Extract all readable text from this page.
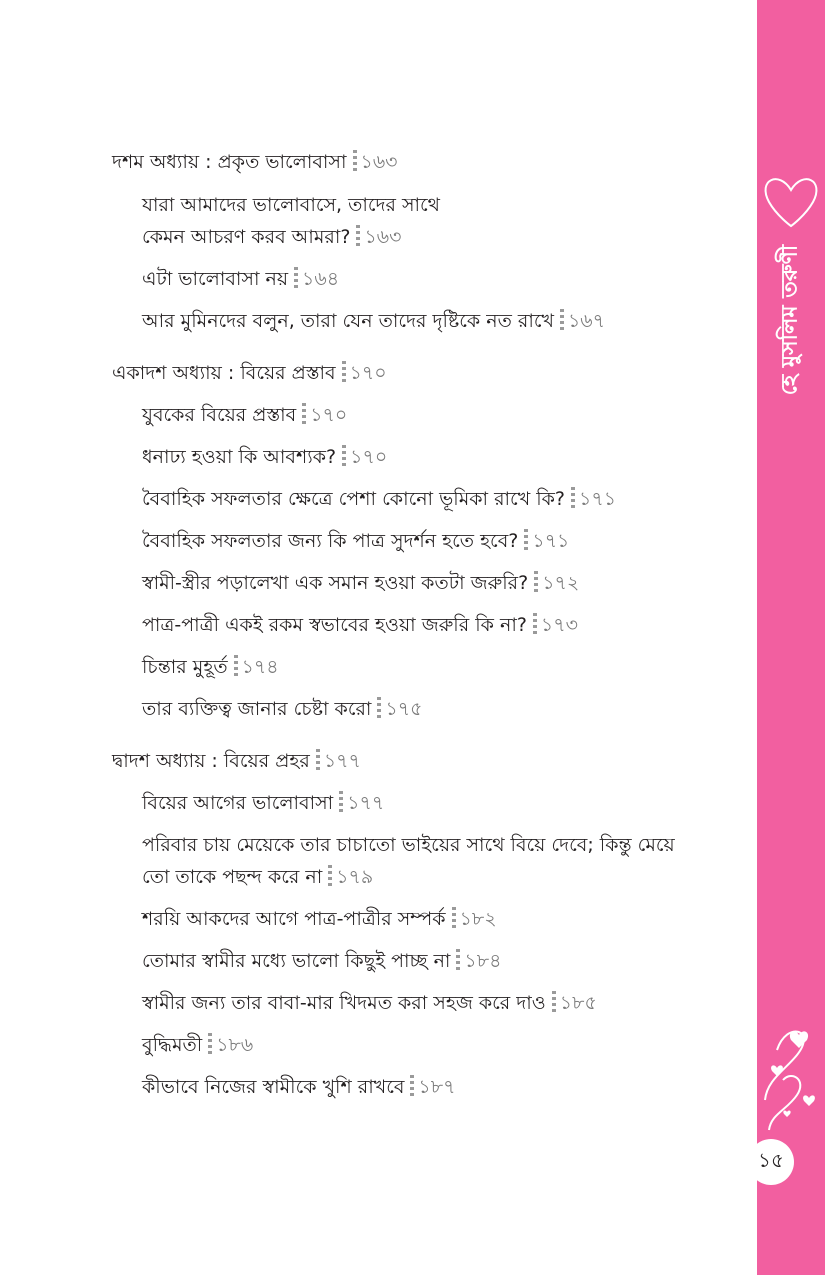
দশম অধ্যায় : প্রকৃত ভালোবাসা ১৬৩
যারা আমাদের ভালোবাসে, তাদের সাথে
কেমন আচরণ করব আমরা? ১৬৩
এটা ভালোবাসা নয় ১৬৪
আর মুমিনদের বলুন, তারা যেন তাদের দৃষ্টিকে নত রাখে ১৬৭
একাদশ অধ্যায় : বিয়ের প্রস্তাব ১৭০
যুবকের বিয়ের প্রস্তাব ১৭০
ধনাঢ্য হওয়া কি আবশ্যক? ১৭০
বৈবাহিক সফলতার ক্ষেত্রে পেশা কোনো ভূমিকা রাখে কি? ১৭১
বৈবাহিক সফলতার জন্য কি পাত্র সুদর্শন হতে হবে? ১৭১
স্বামী-স্ত্রীর পড়ালেখা এক সমান হওয়া কতটা জরুরি? ১৭২
পাত্র-পাত্রী একই রকম স্বভাবের হওয়া জরুরি কি না? ১৭৩
চিন্তার মুহূর্ত ১৭৪
তার ব্যক্তিত্ব জানার চেষ্টা করো ১৭৫
দ্বাদশ অধ্যায় : বিয়ের প্রহর ১৭৭
বিয়ের আগের ভালোবাসা ১৭৭
পরিবার চায় মেয়েকে তার চাচাতো ভাইয়ের সাথে বিয়ে দেবে; কিন্তু মেয়ে
তো তাকে পছন্দ করে না ১৭৯
শরয়ি আকদের আগে পাত্র-পাত্রীর সম্পর্ক ১৮২
তোমার স্বামীর মধ্যে ভালো কিছুই পাচ্ছ না ১৮৪
স্বামীর জন্য তার বাবা-মার খিদমত করা সহজ করে দাও ১৮৫
বুদ্ধিমতী ১৮৬
কীভাবে নিজের স্বামীকে খুশি রাখবে ১৮৭
হে মুসলিম তরুণী
১৫
